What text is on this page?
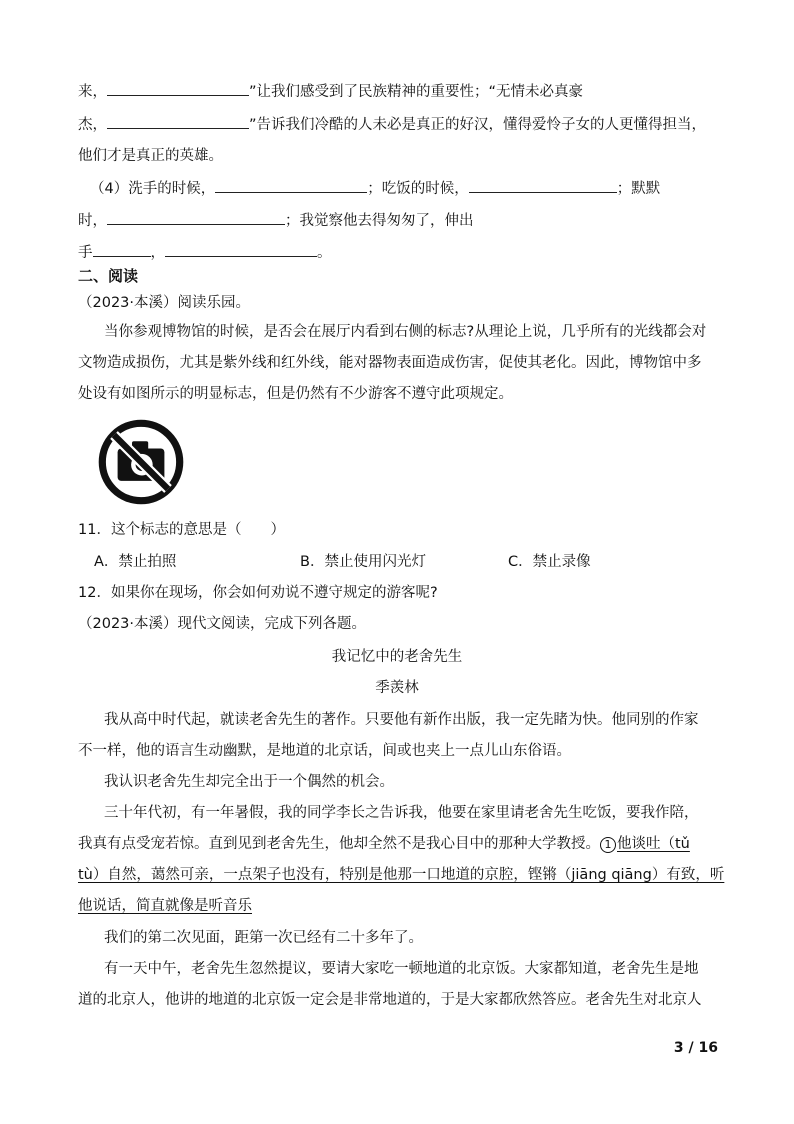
来，	”让我们感受到了民族精神的重要性；“无情未必真豪
杰，	”告诉我们冷酷的人未必是真正的好汉，懂得爱怜子女的人更懂得担当，
他们才是真正的英雄。
（4）洗手的时候，	；吃饭的时候，	；默默
时，	；我觉察他去得匆匆了，伸出
手	，	。
二、阅读
（2023·本溪）阅读乐园。
当你参观博物馆的时候，是否会在展厅内看到右侧的标志?从理论上说，几乎所有的光线都会对
文物造成损伤，尤其是紫外线和红外线，能对器物表面造成伤害，促使其老化。因此，博物馆中多
处设有如图所示的明显标志，但是仍然有不少游客不遵守此项规定。
11．这个标志的意思是（　　）
A．禁止拍照	B．禁止使用闪光灯	C．禁止录像
12．如果你在现场，你会如何劝说不遵守规定的游客呢?
（2023·本溪）现代文阅读，完成下列各题。
我记忆中的老舍先生
季羡林
我从高中时代起，就读老舍先生的著作。只要他有新作出版，我一定先睹为快。他同别的作家
不一样，他的语言生动幽默，是地道的北京话，间或也夹上一点儿山东俗语。
我认识老舍先生却完全出于一个偶然的机会。
三十年代初，有一年暑假，我的同学李长之告诉我，他要在家里请老舍先生吃饭，要我作陪，
我真有点受宠若惊。直到见到老舍先生，他却全然不是我心目中的那种大学教授。 1 他谈吐（tǔ
tù）自然，蔼然可亲，一点架子也没有，特别是他那一口地道的京腔，铿锵（jiāng qiāng）有致，听
他说话，简直就像是听音乐
我们的第二次见面，距第一次已经有二十多年了。
有一天中午，老舍先生忽然提议，要请大家吃一顿地道的北京饭。大家都知道，老舍先生是地
道的北京人，他讲的地道的北京饭一定会是非常地道的，于是大家都欣然答应。老舍先生对北京人
3 / 16
